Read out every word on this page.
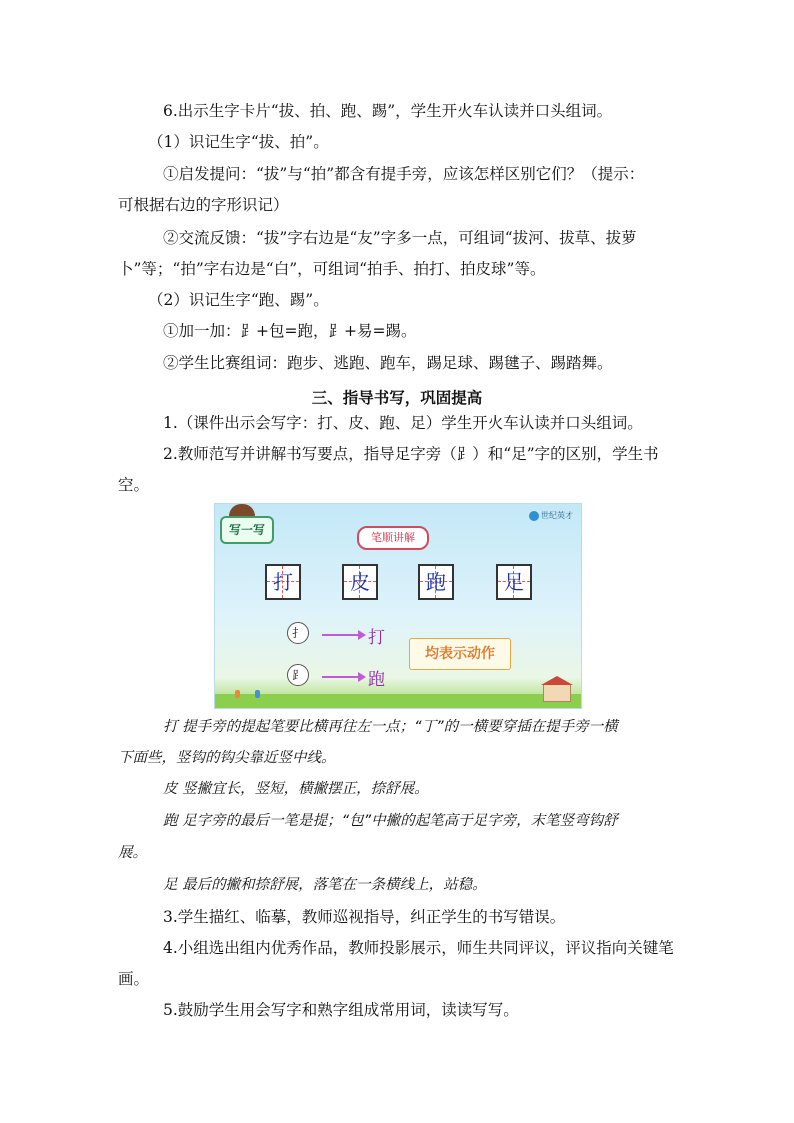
6.出示生字卡片“拔、拍、跑、踢”，学生开火车认读并口头组词。
（1）识记生字“拔、拍”。
①启发提问：“拔”与“拍”都含有提手旁，应该怎样区别它们？（提示：
可根据右边的字形识记）
②交流反馈：“拔”字右边是“友”字多一点，可组词“拔河、拔草、拔萝
卜”等；“拍”字右边是“白”，可组词“拍手、拍打、拍皮球”等。
（2）识记生字“跑、踢”。
①加一加：⻊+包=跑，⻊+易=踢。
②学生比赛组词：跑步、逃跑、跑车，踢足球、踢毽子、踢踏舞。
三、指导书写，巩固提高
1.（课件出示会写字：打、皮、跑、足）学生开火车认读并口头组词。
2.教师范写并讲解书写要点，指导足字旁（⻊）和“足”字的区别，学生书
空。
写一写
世纪英才
笔顺讲解
打	皮	跑	足
扌	打
⻊	跑
均表示动作
打 提手旁的提起笔要比横再往左一点；“丁”的一横要穿插在提手旁一横
下面些，竖钩的钩尖靠近竖中线。
皮 竖撇宜长，竖短，横撇摆正，捺舒展。
跑 足字旁的最后一笔是提；“包”中撇的起笔高于足字旁，末笔竖弯钩舒
展。
足 最后的撇和捺舒展，落笔在一条横线上，站稳。
3.学生描红、临摹，教师巡视指导，纠正学生的书写错误。
4.小组选出组内优秀作品，教师投影展示，师生共同评议，评议指向关键笔
画。
5.鼓励学生用会写字和熟字组成常用词，读读写写。
